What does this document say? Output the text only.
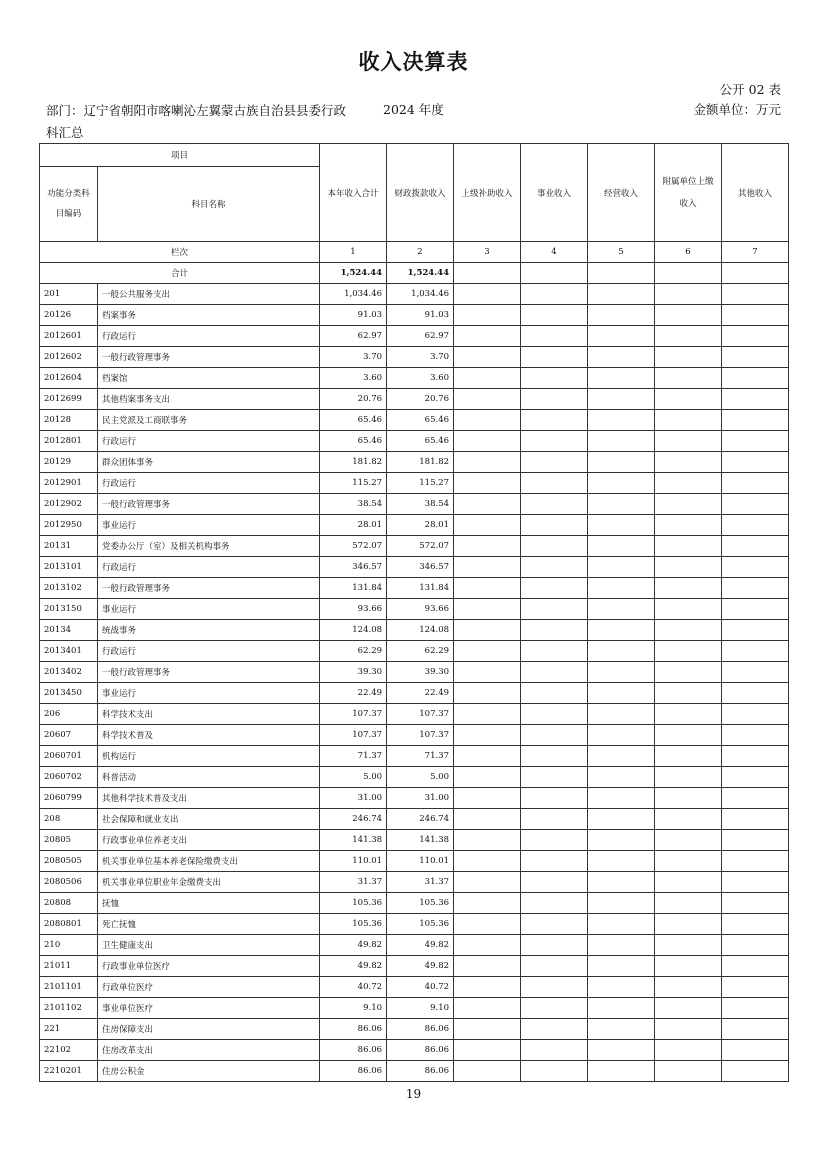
收入决算表
公开 02 表
部门：辽宁省朝阳市喀喇沁左翼蒙古族自治县县委行政科汇总
2024 年度	金额单位：万元
项目		本年收入合计	财政拨款收入	上级补助收入	事业收入	经营收入	附属单位上缴收入	其他收入
功能分类科目编码	科目名称							
栏次		1	2	3	4	5	6	7
合计		1,524.44	1,524.44					
201	一般公共服务支出	1,034.46	1,034.46					
20126	档案事务	91.03	91.03					
2012601	行政运行	62.97	62.97					
2012602	一般行政管理事务	3.70	3.70					
2012604	档案馆	3.60	3.60					
2012699	其他档案事务支出	20.76	20.76					
20128	民主党派及工商联事务	65.46	65.46					
2012801	行政运行	65.46	65.46					
20129	群众团体事务	181.82	181.82					
2012901	行政运行	115.27	115.27					
2012902	一般行政管理事务	38.54	38.54					
2012950	事业运行	28.01	28.01					
20131	党委办公厅（室）及相关机构事务	572.07	572.07					
2013101	行政运行	346.57	346.57					
2013102	一般行政管理事务	131.84	131.84					
2013150	事业运行	93.66	93.66					
20134	统战事务	124.08	124.08					
2013401	行政运行	62.29	62.29					
2013402	一般行政管理事务	39.30	39.30					
2013450	事业运行	22.49	22.49					
206	科学技术支出	107.37	107.37					
20607	科学技术普及	107.37	107.37					
2060701	机构运行	71.37	71.37					
2060702	科普活动	5.00	5.00					
2060799	其他科学技术普及支出	31.00	31.00					
208	社会保障和就业支出	246.74	246.74					
20805	行政事业单位养老支出	141.38	141.38					
2080505	机关事业单位基本养老保险缴费支出	110.01	110.01					
2080506	机关事业单位职业年金缴费支出	31.37	31.37					
20808	抚恤	105.36	105.36					
2080801	死亡抚恤	105.36	105.36					
210	卫生健康支出	49.82	49.82					
21011	行政事业单位医疗	49.82	49.82					
2101101	行政单位医疗	40.72	40.72					
2101102	事业单位医疗	9.10	9.10					
221	住房保障支出	86.06	86.06					
22102	住房改革支出	86.06	86.06					
2210201	住房公积金	86.06	86.06					
19
